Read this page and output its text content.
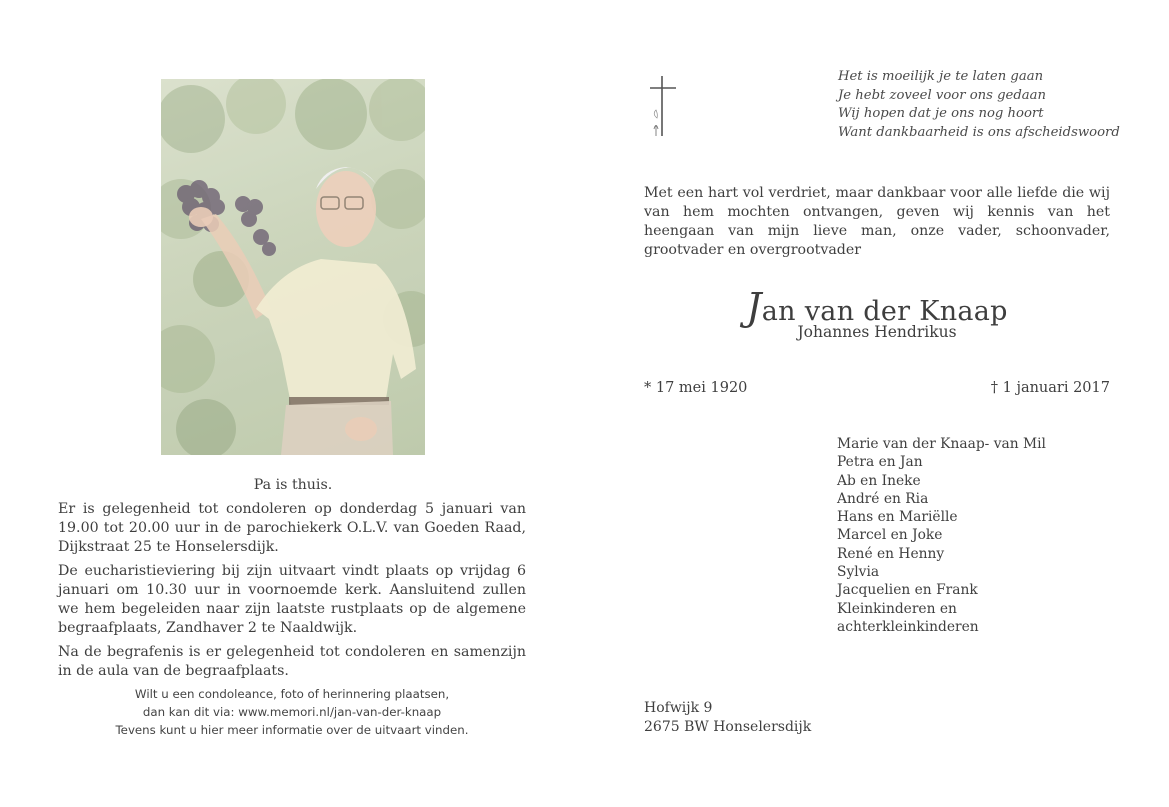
Pa is thuis.
Er is gelegenheid tot condoleren op donderdag 5 januari van 19.00 tot 20.00 uur in de parochiekerk O.L.V. van Goeden Raad, Dijkstraat 25 te Honselersdijk.
De eucharistieviering bij zijn uitvaart vindt plaats op vrijdag 6 januari om 10.30 uur in voornoemde kerk. Aansluitend zullen we hem begeleiden naar zijn laatste rustplaats op de algemene begraafplaats, Zandhaver 2 te Naaldwijk.
Na de begrafenis is er gelegenheid tot condoleren en samenzijn in de aula van de begraafplaats.
Wilt u een condoleance, foto of herinnering plaatsen,
dan kan dit via: www.memori.nl/jan-van-der-knaap
Tevens kunt u hier meer informatie over de uitvaart vinden.
Het is moeilijk je te laten gaan
Je hebt zoveel voor ons gedaan
Wij hopen dat je ons nog hoort
Want dankbaarheid is ons afscheidswoord
Met een hart vol verdriet, maar dankbaar voor alle liefde die wij van hem mochten ontvangen, geven wij kennis van het heengaan van mijn lieve man, onze vader, schoonvader, grootvader en overgrootvader
Jan van der Knaap
Johannes Hendrikus
* 17 mei 1920	† 1 januari 2017
Marie van der Knaap- van Mil
Petra en Jan
Ab en Ineke
André en Ria
Hans en Mariëlle
Marcel en Joke
René en Henny
Sylvia
Jacquelien en Frank
Kleinkinderen en
achterkleinkinderen
Hofwijk 9
2675 BW Honselersdijk
